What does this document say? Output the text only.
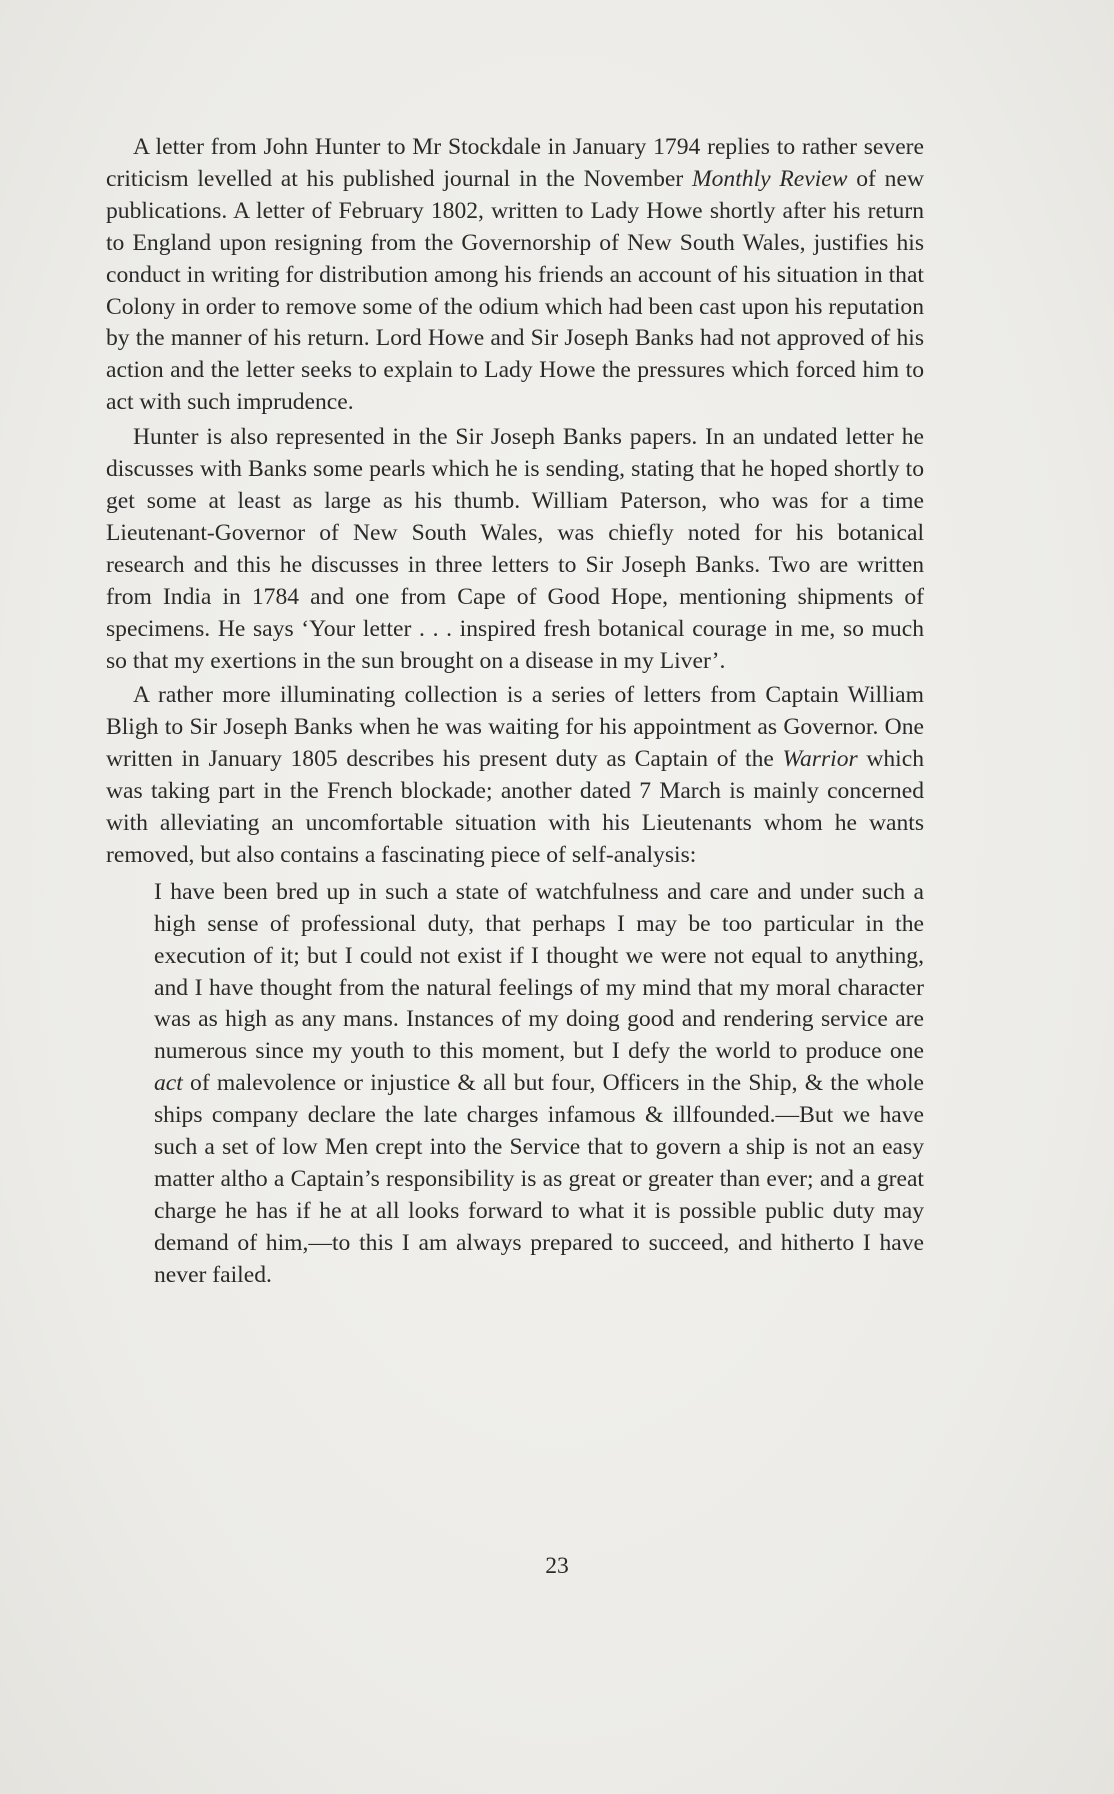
A letter from John Hunter to Mr Stockdale in January 1794 replies to rather severe criticism levelled at his published journal in the November Monthly Review of new publications. A letter of February 1802, written to Lady Howe shortly after his return to England upon resigning from the Governorship of New South Wales, justifies his conduct in writing for distribution among his friends an account of his situation in that Colony in order to remove some of the odium which had been cast upon his reputation by the manner of his return. Lord Howe and Sir Joseph Banks had not approved of his action and the letter seeks to explain to Lady Howe the pressures which forced him to act with such imprudence.

Hunter is also represented in the Sir Joseph Banks papers. In an undated letter he discusses with Banks some pearls which he is sending, stating that he hoped shortly to get some at least as large as his thumb. William Paterson, who was for a time Lieutenant-Governor of New South Wales, was chiefly noted for his botanical research and this he discusses in three letters to Sir Joseph Banks. Two are written from India in 1784 and one from Cape of Good Hope, mentioning shipments of specimens. He says ‘Your letter . . . inspired fresh botanical courage in me, so much so that my exertions in the sun brought on a disease in my Liver’.

A rather more illuminating collection is a series of letters from Captain William Bligh to Sir Joseph Banks when he was waiting for his appointment as Governor. One written in January 1805 describes his present duty as Captain of the Warrior which was taking part in the French blockade; another dated 7 March is mainly concerned with alleviating an uncomfortable situation with his Lieutenants whom he wants removed, but also contains a fascinating piece of self-analysis:

I have been bred up in such a state of watchfulness and care and under such a high sense of professional duty, that perhaps I may be too particular in the execution of it; but I could not exist if I thought we were not equal to anything, and I have thought from the natural feelings of my mind that my moral character was as high as any mans. Instances of my doing good and rendering service are numerous since my youth to this moment, but I defy the world to produce one act of malevolence or injustice & all but four, Officers in the Ship, & the whole ships company declare the late charges infamous & illfounded.—But we have such a set of low Men crept into the Service that to govern a ship is not an easy matter altho a Captain’s responsibility is as great or greater than ever; and a great charge he has if he at all looks forward to what it is possible public duty may demand of him,—to this I am always prepared to succeed, and hitherto I have never failed.
23
